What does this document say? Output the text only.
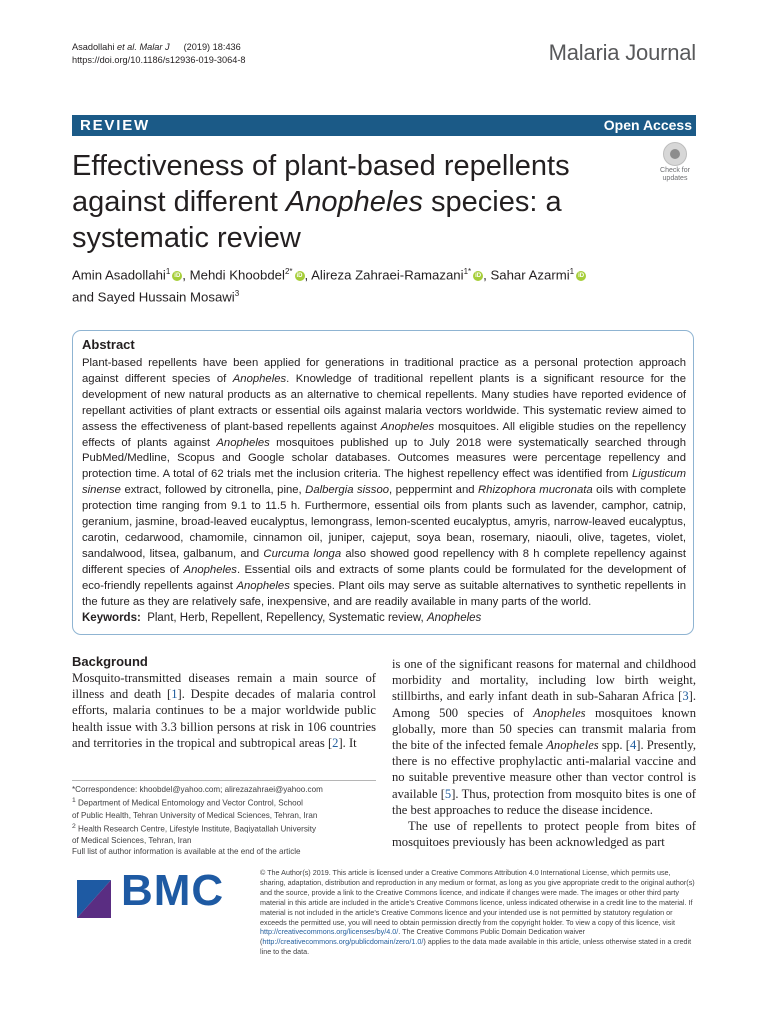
Asadollahi et al. Malar J (2019) 18:436
https://doi.org/10.1186/s12936-019-3064-8	Malaria Journal
REVIEW	Open Access
Effectiveness of plant-based repellents against different Anopheles species: a systematic review
Check for
updates
Amin Asadollahi$^1$ iD , Mehdi Khoobdel$^{2*}$ iD , Alireza Zahraei-Ramazani$^{1*}$ iD , Sahar Azarmi$^1$ iD
and Sayed Hussain Mosawi$^3$
Abstract
Plant-based repellents have been applied for generations in traditional practice as a personal protection approach against different species of Anopheles. Knowledge of traditional repellent plants is a significant resource for the development of new natural products as an alternative to chemical repellents. Many studies have reported evidence of repellant activities of plant extracts or essential oils against malaria vectors worldwide. This systematic review aimed to assess the effectiveness of plant-based repellents against Anopheles mosquitoes. All eligible studies on the repellency effects of plants against Anopheles mosquitoes published up to July 2018 were systematically searched through PubMed/Medline, Scopus and Google scholar databases. Outcomes measures were percentage repellency and protection time. A total of 62 trials met the inclusion criteria. The highest repellency effect was identified from Ligusticum sinense extract, followed by citronella, pine, Dalbergia sissoo, peppermint and Rhizophora mucronata oils with complete protection time ranging from 9.1 to 11.5 h. Furthermore, essential oils from plants such as lavender, camphor, catnip, geranium, jasmine, broad-leaved eucalyptus, lemongrass, lemon-scented eucalyptus, amyris, narrow-leaved eucalyptus, carotin, cedarwood, chamomile, cinnamon oil, juniper, cajeput, soya bean, rosemary, niaouli, olive, tagetes, violet, sandalwood, litsea, galbanum, and Curcuma longa also showed good repellency with 8 h complete repellency against different species of Anopheles. Essential oils and extracts of some plants could be formulated for the development of eco-friendly repellents against Anopheles species. Plant oils may serve as suitable alternatives to synthetic repellents in the future as they are relatively safe, inexpensive, and are readily available in many parts of the world.
Keywords: Plant, Herb, Repellent, Repellency, Systematic review, Anopheles
Background
Mosquito-transmitted diseases remain a main source of illness and death [1]. Despite decades of malaria control efforts, malaria continues to be a major worldwide public health issue with 3.3 billion persons at risk in 106 countries and territories in the tropical and subtropical areas [2]. It

is one of the significant reasons for maternal and childhood morbidity and mortality, including low birth weight, stillbirths, and early infant death in sub-Saharan Africa [3]. Among 500 species of Anopheles mosquitoes known globally, more than 50 species can transmit malaria from the bite of the infected female Anopheles spp. [4]. Presently, there is no effective prophylactic anti-malarial vaccine and no suitable preventive measure other than vector control is available [5]. Thus, protection from mosquito bites is one of the best approaches to reduce the disease incidence.

The use of repellents to protect people from bites of mosquitoes previously has been acknowledged as part

*Correspondence: khoobdel@yahoo.com; alirezazahraei@yahoo.com
$^1$ Department of Medical Entomology and Vector Control, School
of Public Health, Tehran University of Medical Sciences, Tehran, Iran
$^2$ Health Research Centre, Lifestyle Institute, Baqiyatallah University
of Medical Sciences, Tehran, Iran
Full list of author information is available at the end of the article
BMC	© The Author(s) 2019. This article is licensed under a Creative Commons Attribution 4.0 International License, which permits use, sharing, adaptation, distribution and reproduction in any medium or format, as long as you give appropriate credit to the original author(s) and the source, provide a link to the Creative Commons licence, and indicate if changes were made. The images or other third party material in this article are included in the article’s Creative Commons licence, unless indicated otherwise in a credit line to the material. If material is not included in the article’s Creative Commons licence and your intended use is not permitted by statutory regulation or exceeds the permitted use, you will need to obtain permission directly from the copyright holder. To view a copy of this licence, visit http://creativecommons.org/licenses/by/4.0/. The Creative Commons Public Domain Dedication waiver (http://creativecommons.org/publicdomain/zero/1.0/) applies to the data made available in this article, unless otherwise stated in a credit line to the data.
